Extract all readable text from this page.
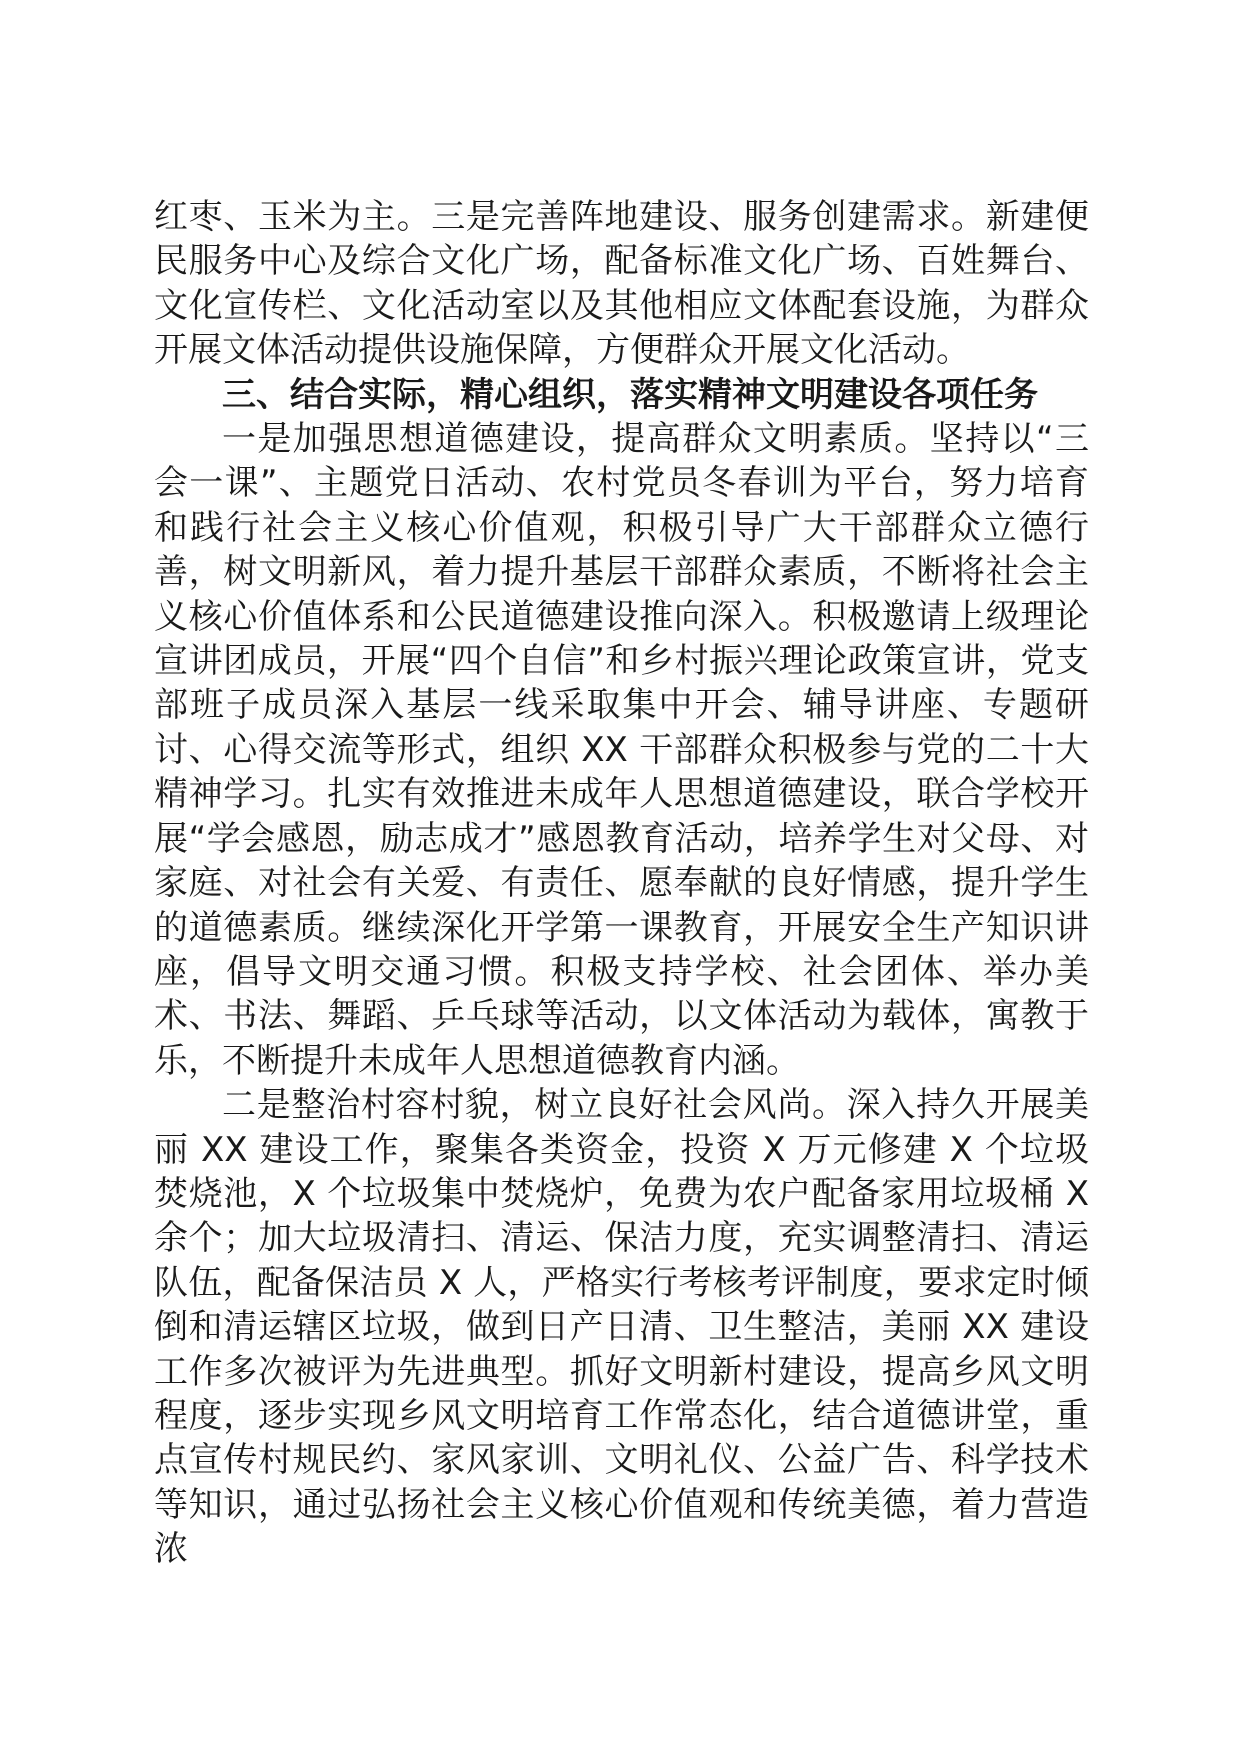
红枣、玉米为主。三是完善阵地建设、服务创建需求。新建便民服务中心及综合文化广场，配备标准文化广场、百姓舞台、文化宣传栏、文化活动室以及其他相应文体配套设施，为群众开展文体活动提供设施保障，方便群众开展文化活动。

三、结合实际，精心组织，落实精神文明建设各项任务

一是加强思想道德建设，提高群众文明素质。坚持以“三会一课”、主题党日活动、农村党员冬春训为平台，努力培育和践行社会主义核心价值观，积极引导广大干部群众立德行善，树文明新风，着力提升基层干部群众素质，不断将社会主义核心价值体系和公民道德建设推向深入。积极邀请上级理论宣讲团成员，开展“四个自信”和乡村振兴理论政策宣讲，党支部班子成员深入基层一线采取集中开会、辅导讲座、专题研讨、心得交流等形式，组织 XX 干部群众积极参与党的二十大精神学习。扎实有效推进未成年人思想道德建设，联合学校开展“学会感恩，励志成才”感恩教育活动，培养学生对父母、对家庭、对社会有关爱、有责任、愿奉献的良好情感，提升学生的道德素质。继续深化开学第一课教育，开展安全生产知识讲座，倡导文明交通习惯。积极支持学校、社会团体、举办美术、书法、舞蹈、乒乓球等活动，以文体活动为载体，寓教于乐，不断提升未成年人思想道德教育内涵。

二是整治村容村貌，树立良好社会风尚。深入持久开展美丽 XX 建设工作，聚集各类资金，投资 X 万元修建 X 个垃圾焚烧池，X 个垃圾集中焚烧炉，免费为农户配备家用垃圾桶 X 余个；加大垃圾清扫、清运、保洁力度，充实调整清扫、清运队伍，配备保洁员 X 人，严格实行考核考评制度，要求定时倾倒和清运辖区垃圾，做到日产日清、卫生整洁，美丽 XX 建设工作多次被评为先进典型。抓好文明新村建设，提高乡风文明程度，逐步实现乡风文明培育工作常态化，结合道德讲堂，重点宣传村规民约、家风家训、文明礼仪、公益广告、科学技术等知识，通过弘扬社会主义核心价值观和传统美德，着力营造浓
